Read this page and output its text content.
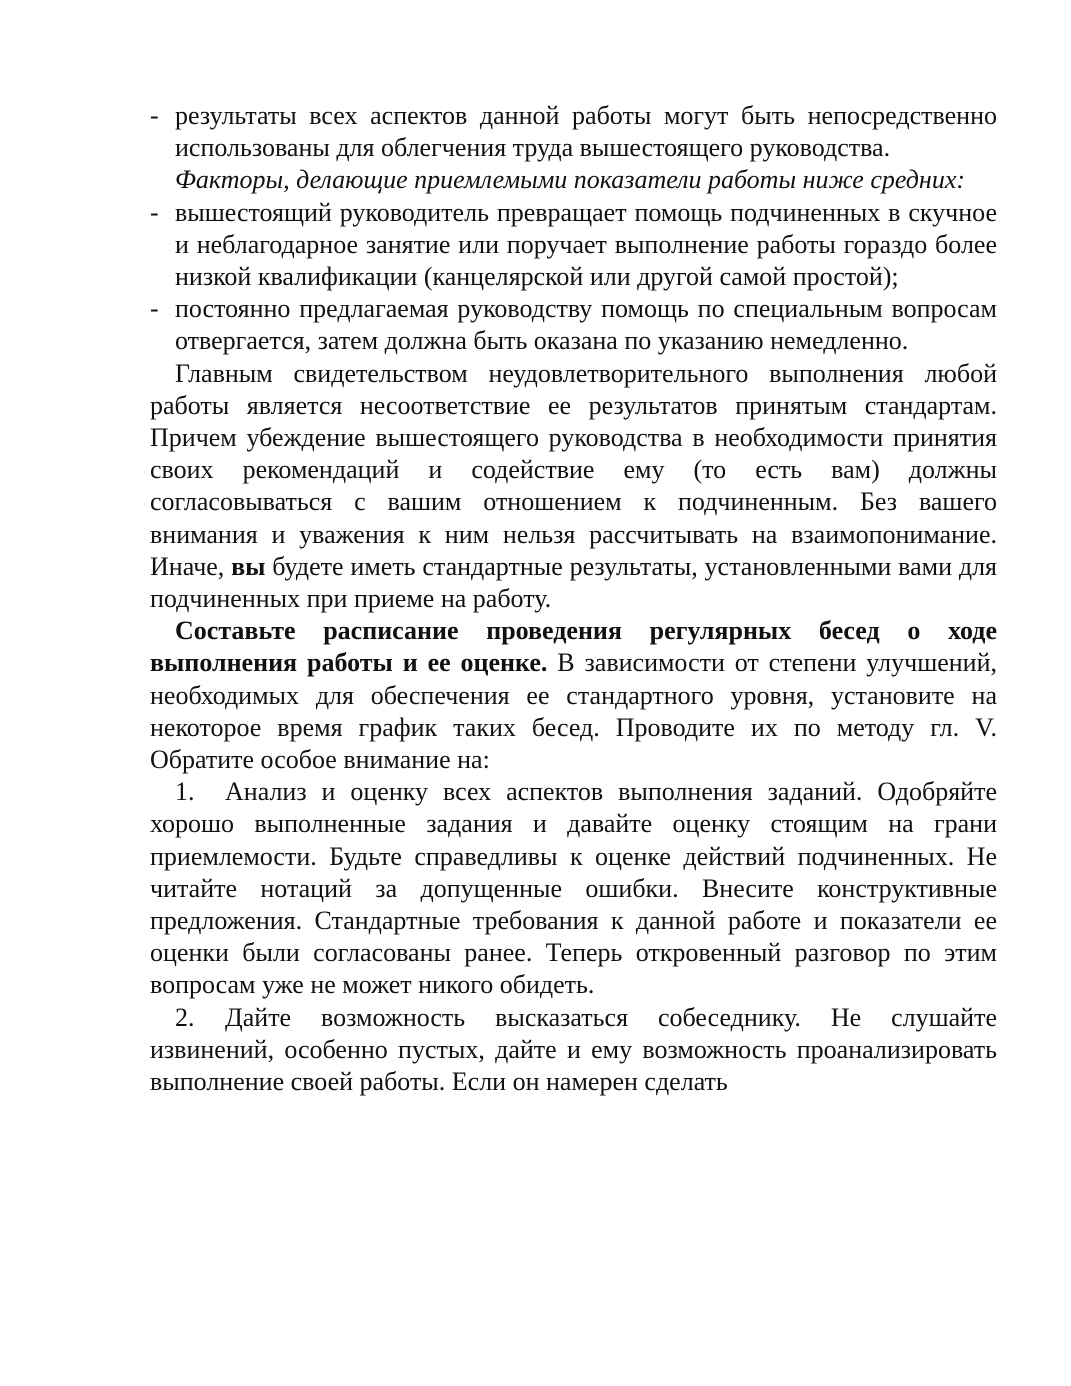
- результаты всех аспектов данной работы могут быть непосредственно использованы для облегчения труда вышестоящего руководства.

Факторы, делающие приемлемыми показатели работы ниже средних:

- вышестоящий руководитель превращает помощь подчиненных в скучное и неблагодарное занятие или поручает выполнение работы гораздо более низкой квалификации (канцелярской или другой самой простой);

- постоянно предлагаемая руководству помощь по специальным вопросам отвергается, затем должна быть оказана по указанию немедленно.

Главным свидетельством неудовлетворительного выполнения любой работы является несоответствие ее результатов принятым стандартам. Причем убеждение вышестоящего руководства в необходимости принятия своих рекомендаций и содействие ему (то есть вам) должны согласовываться с вашим отношением к подчиненным. Без вашего внимания и уважения к ним нельзя рассчитывать на взаимопонимание. Иначе, вы будете иметь стандартные результаты, установленными вами для подчиненных при приеме на работу.

Составьте расписание проведения регулярных бесед о ходе выполнения работы и ее оценке. В зависимости от степени улучшений, необходимых для обеспечения ее стандартного уровня, установите на некоторое время график таких бесед. Проводите их по методу гл. V. Обратите особое внимание на:

1. Анализ и оценку всех аспектов выполнения заданий. Одобряйте хорошо выполненные задания и давайте оценку стоящим на грани приемлемости. Будьте справедливы к оценке действий подчиненных. Не читайте нотаций за допущенные ошибки. Внесите конструктивные предложения. Стандартные требования к данной работе и показатели ее оценки были согласованы ранее. Теперь откровенный разговор по этим вопросам уже не может никого обидеть.

2. Дайте возможность высказаться собеседнику. Не слушайте извинений, особенно пустых, дайте и ему возможность проанализировать выполнение своей работы. Если он намерен сделать
